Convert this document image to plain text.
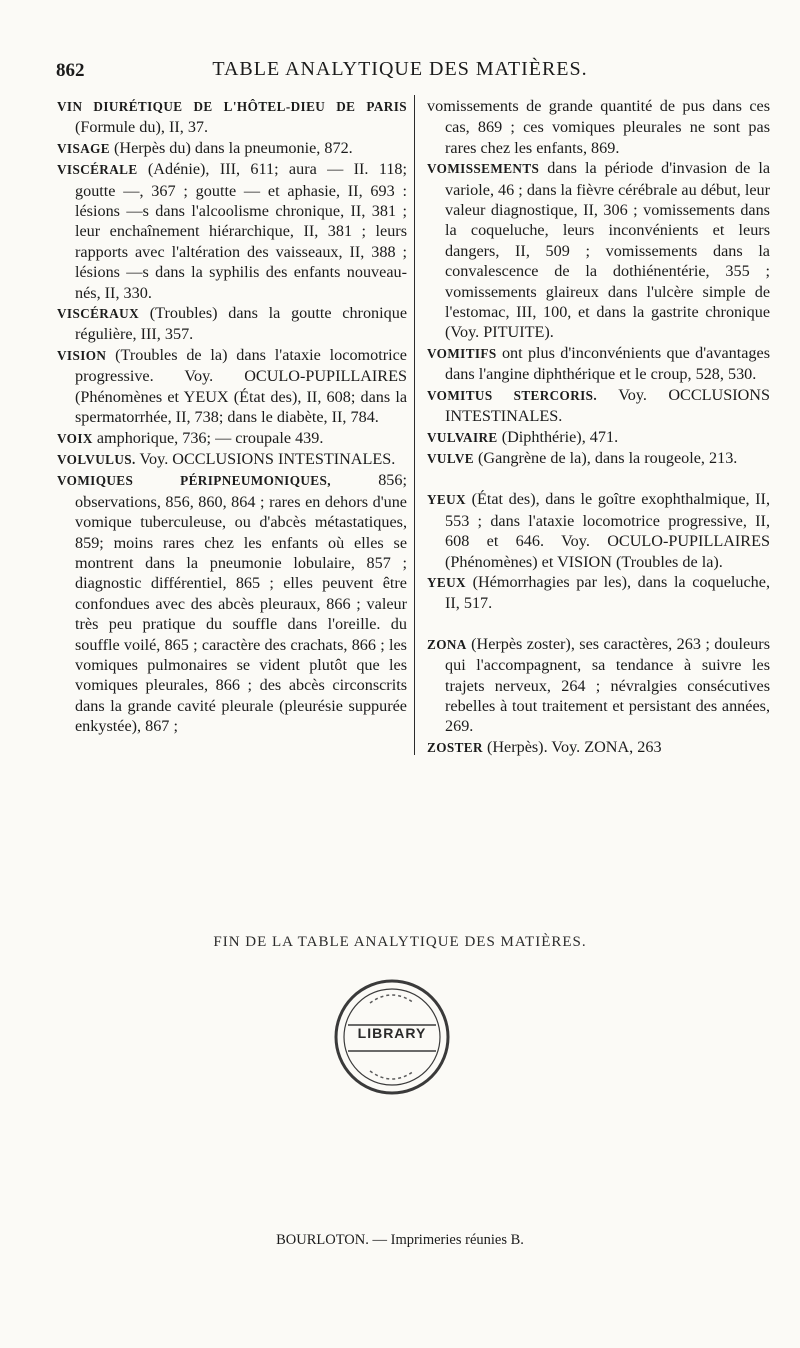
862	TABLE ANALYTIQUE DES MATIÈRES.

VIN DIURÉTIQUE DE L'HÔTEL-DIEU DE PARIS (Formule du), II, 37.

VISAGE (Herpès du) dans la pneumonie, 872.

VISCÉRALE (Adénie), III, 611; aura — II. 118; goutte —, 367 ; goutte — et aphasie, II, 693 : lésions —s dans l'alcoolisme chronique, II, 381 ; leur enchaînement hiérarchique, II, 381 ; leurs rapports avec l'altération des vaisseaux, II, 388 ; lésions —s dans la syphilis des enfants nouveau-nés, II, 330.

VISCÉRAUX (Troubles) dans la goutte chronique régulière, III, 357.

VISION (Troubles de la) dans l'ataxie locomotrice progressive. Voy. OCULO-PUPILLAIRES (Phénomènes et YEUX (État des), II, 608; dans la spermatorrhée, II, 738; dans le diabète, II, 784.

VOIX amphorique, 736; — croupale 439.

VOLVULUS. Voy. OCCLUSIONS INTESTINALES.

VOMIQUES PÉRIPNEUMONIQUES, 856; observations, 856, 860, 864 ; rares en dehors d'une vomique tuberculeuse, ou d'abcès métastatiques, 859; moins rares chez les enfants où elles se montrent dans la pneumonie lobulaire, 857 ; diagnostic différentiel, 865 ; elles peuvent être confondues avec des abcès pleuraux, 866 ; valeur très peu pratique du souffle dans l'oreille. du souffle voilé, 865 ; caractère des crachats, 866 ; les vomiques pulmonaires se vident plutôt que les vomiques pleurales, 866 ; des abcès circonscrits dans la grande cavité pleurale (pleurésie suppurée enkystée), 867 ;

vomissements de grande quantité de pus dans ces cas, 869 ; ces vomiques pleurales ne sont pas rares chez les enfants, 869.

VOMISSEMENTS dans la période d'invasion de la variole, 46 ; dans la fièvre cérébrale au début, leur valeur diagnostique, II, 306 ; vomissements dans la coqueluche, leurs inconvénients et leurs dangers, II, 509 ; vomissements dans la convalescence de la dothiénentérie, 355 ; vomissements glaireux dans l'ulcère simple de l'estomac, III, 100, et dans la gastrite chronique (Voy. PITUITE).

VOMITIFS ont plus d'inconvénients que d'avantages dans l'angine diphthérique et le croup, 528, 530.

VOMITUS STERCORIS. Voy. OCCLUSIONS INTESTINALES.

VULVAIRE (Diphthérie), 471.

VULVE (Gangrène de la), dans la rougeole, 213.

YEUX (État des), dans le goître exophthalmique, II, 553 ; dans l'ataxie locomotrice progressive, II, 608 et 646. Voy. OCULO-PUPILLAIRES (Phénomènes) et VISION (Troubles de la).

YEUX (Hémorrhagies par les), dans la coqueluche, II, 517.

ZONA (Herpès zoster), ses caractères, 263 ; douleurs qui l'accompagnent, sa tendance à suivre les trajets nerveux, 264 ; névralgies consécutives rebelles à tout traitement et persistant des années, 269.

ZOSTER (Herpès). Voy. ZONA, 263

FIN DE LA TABLE ANALYTIQUE DES MATIÈRES.
LIBRARY
BOURLOTON. — Imprimeries réunies B.
